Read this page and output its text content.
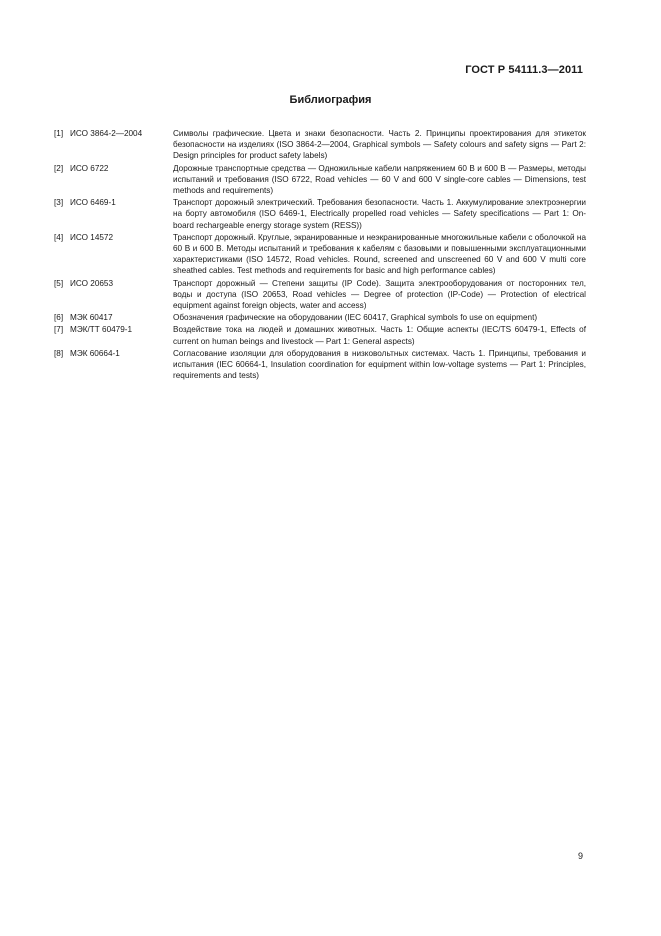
ГОСТ Р 54111.3—2011
Библиография
[1] ИСО 3864-2—2004	Символы графические. Цвета и знаки безопасности. Часть 2. Принципы проектирования для этикеток безопасности на изделиях (ISO 3864-2—2004, Graphical symbols — Safety colours and safety signs — Part 2: Design principles for product safety labels)
[2] ИСО 6722	Дорожные транспортные средства — Одножильные кабели напряжением 60 В и 600 В — Размеры, методы испытаний и требования (ISO 6722, Road vehicles — 60 V and 600 V single-core cables — Dimensions, test methods and requirements)
[3] ИСО 6469-1	Транспорт дорожный электрический. Требования безопасности. Часть 1. Аккумулирование электроэнергии на борту автомобиля (ISO 6469-1, Electrically propelled road vehicles — Safety specifications — Part 1: On-board rechargeable energy storage system (RESS))
[4] ИСО 14572	Транспорт дорожный. Круглые, экранированные и неэкранированные многожильные кабели с оболочкой на 60 В и 600 В. Методы испытаний и требования к кабелям с базовыми и повышенными эксплуатационными характеристиками (ISO 14572, Road vehicles. Round, screened and unscreened 60 V and 600 V multi core sheathed cables. Test methods and requirements for basic and high performance cables)
[5] ИСО 20653	Транспорт дорожный — Степени защиты (IP Code). Защита электрооборудования от посторонних тел, воды и доступа (ISO 20653, Road vehicles — Degree of protection (IP-Code) — Protection of electrical equipment against foreign objects, water and access)
[6] МЭК 60417	Обозначения графические на оборудовании (IEC 60417, Graphical symbols fo use on equipment)
[7] МЭК/ТТ 60479-1	Воздействие тока на людей и домашних животных. Часть 1: Общие аспекты (IEC/TS 60479-1, Effects of current on human beings and livestock — Part 1: General aspects)
[8] МЭК 60664-1	Согласование изоляции для оборудования в низковольтных системах. Часть 1. Принципы, требования и испытания (IEC 60664-1, Insulation coordination for equipment within low-voltage systems — Part 1: Principles, requirements and tests)
9
